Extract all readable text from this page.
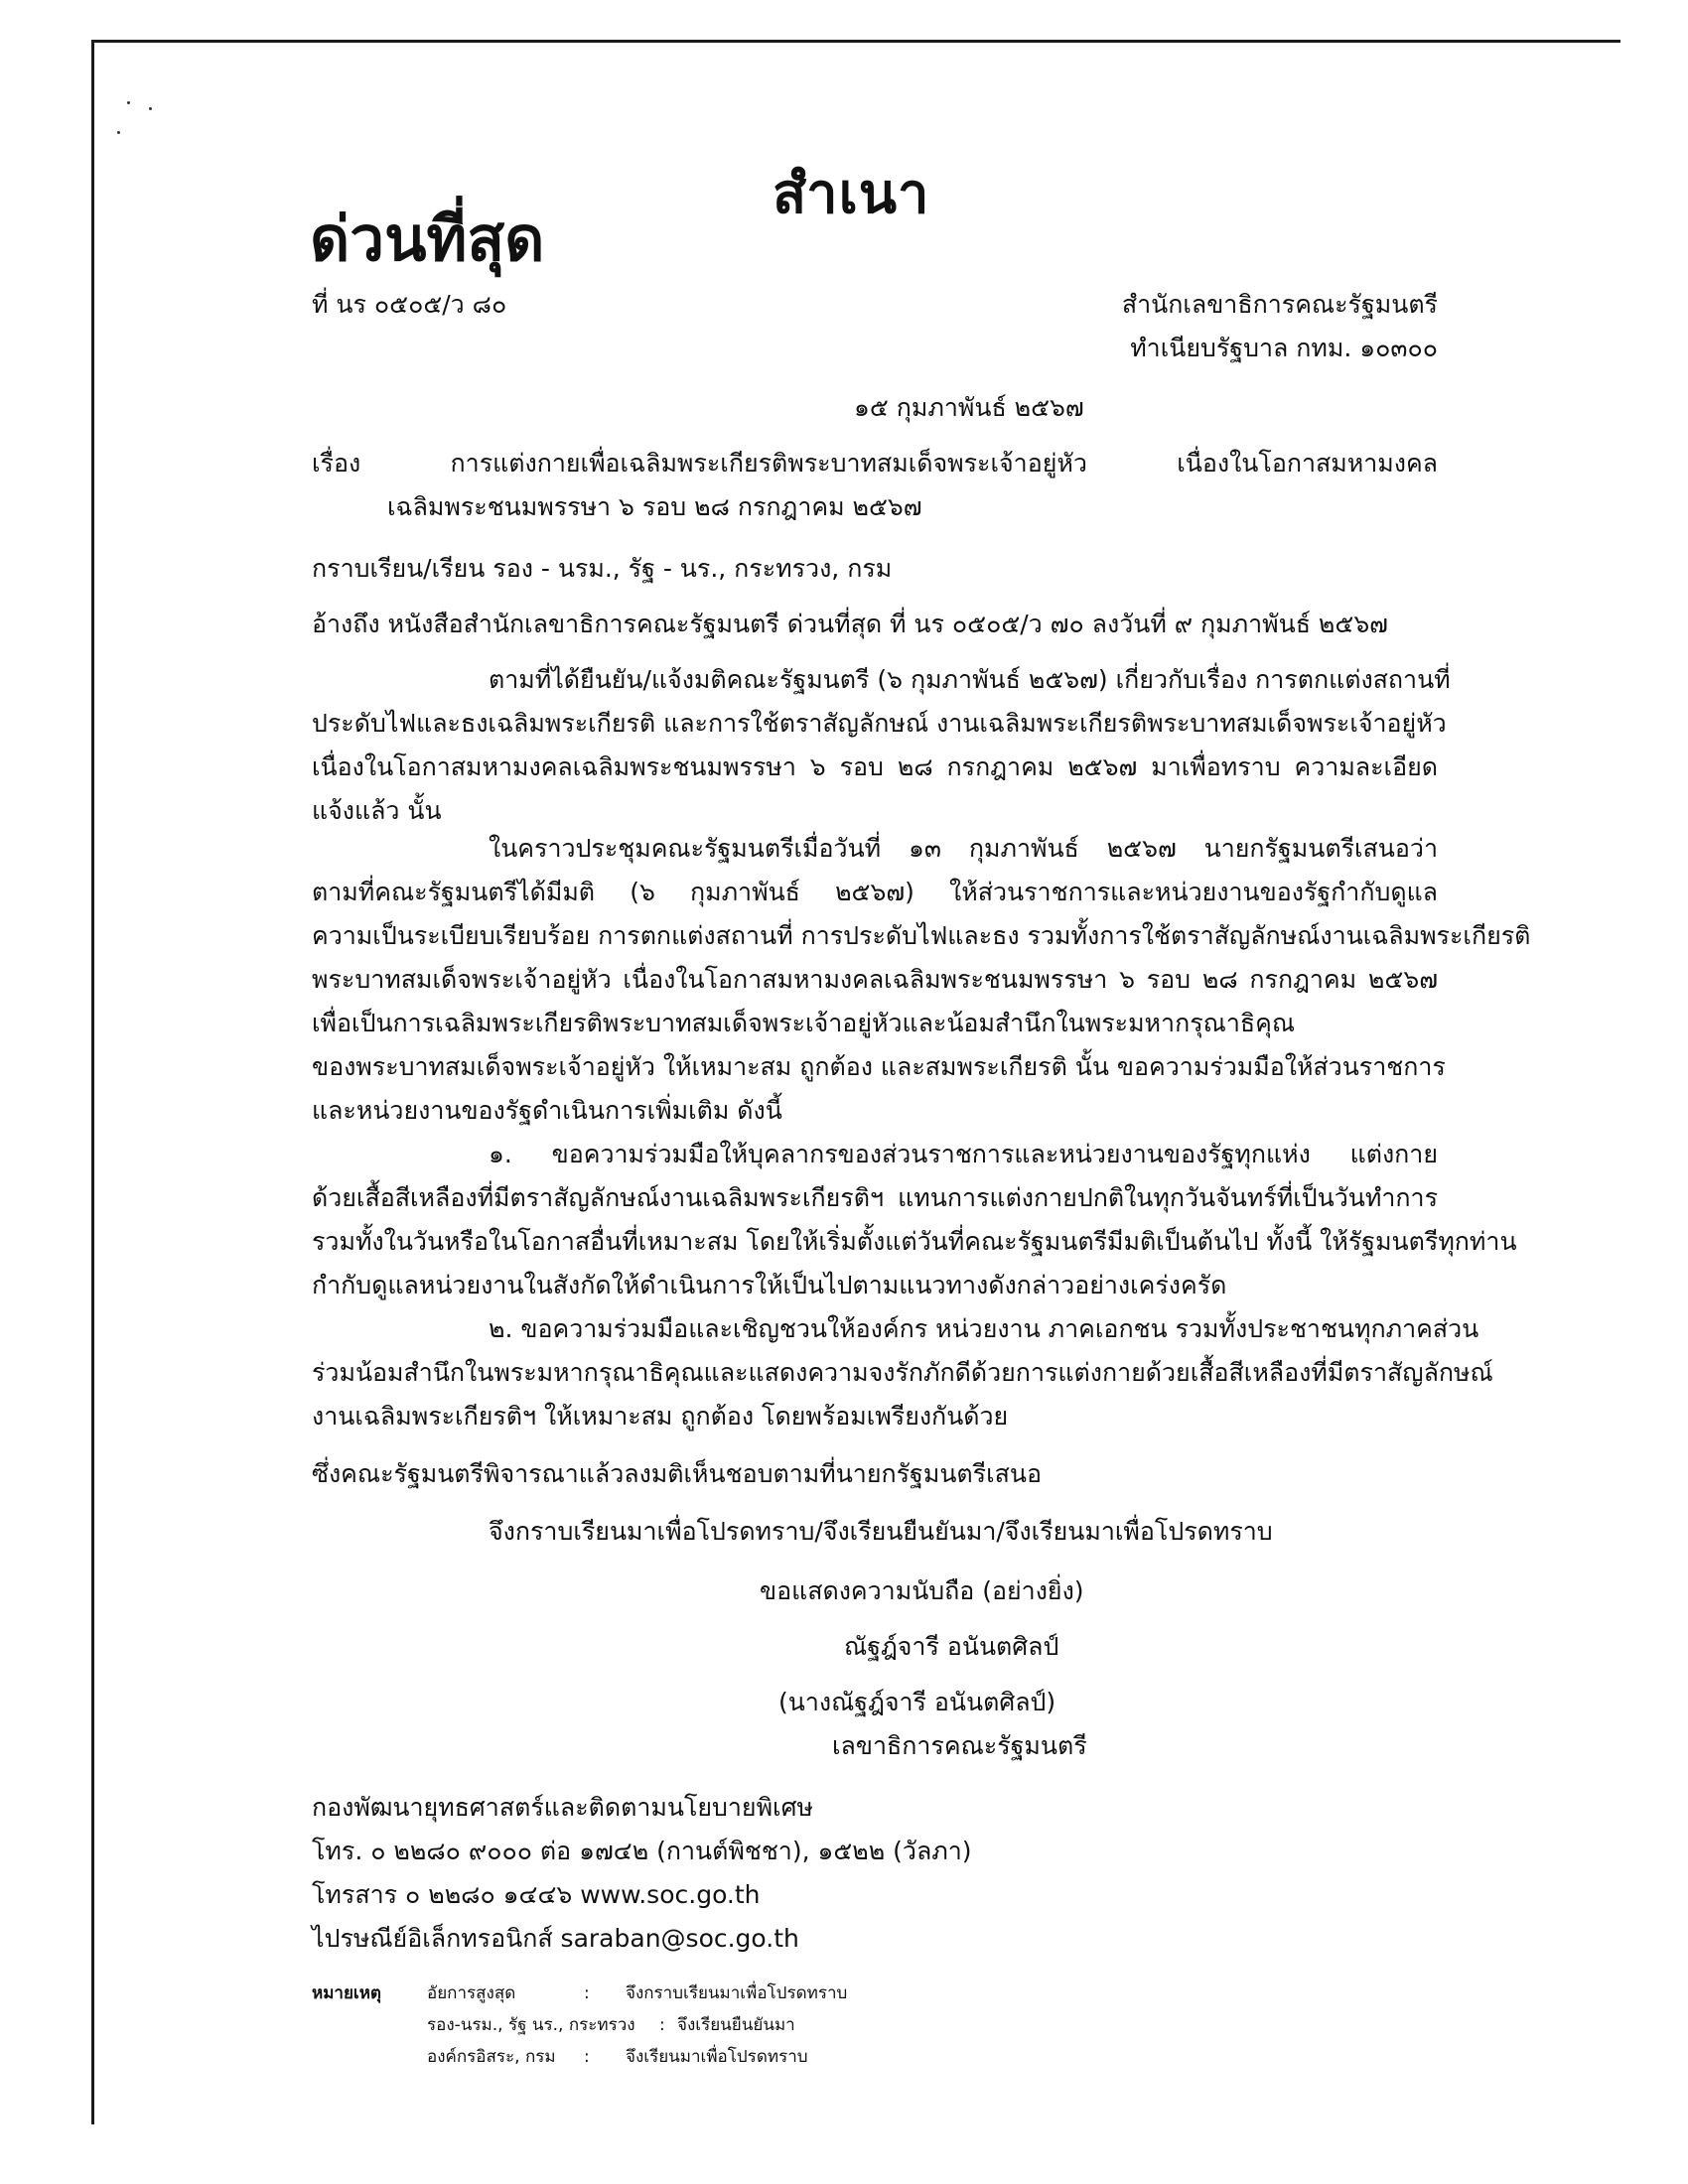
สำเนา
ด่วนที่สุด
ที่ นร ๐๕๐๕/ว ๘๐	สำนักเลขาธิการคณะรัฐมนตรี
ทำเนียบรัฐบาล กทม. ๑๐๓๐๐
๑๕ กุมภาพันธ์ ๒๕๖๗
เรื่อง การแต่งกายเพื่อเฉลิมพระเกียรติพระบาทสมเด็จพระเจ้าอยู่หัว เนื่องในโอกาสมหามงคล
เฉลิมพระชนมพรรษา ๖ รอบ ๒๘ กรกฎาคม ๒๕๖๗
กราบเรียน/เรียน รอง - นรม., รัฐ - นร., กระทรวง, กรม
อ้างถึง หนังสือสำนักเลขาธิการคณะรัฐมนตรี ด่วนที่สุด ที่ นร ๐๕๐๕/ว ๗๐ ลงวันที่ ๙ กุมภาพันธ์ ๒๕๖๗
ตามที่ได้ยืนยัน/แจ้งมติคณะรัฐมนตรี (๖ กุมภาพันธ์ ๒๕๖๗) เกี่ยวกับเรื่อง การตกแต่งสถานที่
ประดับไฟและธงเฉลิมพระเกียรติ และการใช้ตราสัญลักษณ์ งานเฉลิมพระเกียรติพระบาทสมเด็จพระเจ้าอยู่หัว
เนื่องในโอกาสมหามงคลเฉลิมพระชนมพรรษา ๖ รอบ ๒๘ กรกฎาคม ๒๕๖๗ มาเพื่อทราบ ความละเอียด
แจ้งแล้ว นั้น
ในคราวประชุมคณะรัฐมนตรีเมื่อวันที่ ๑๓ กุมภาพันธ์ ๒๕๖๗ นายกรัฐมนตรีเสนอว่า
ตามที่คณะรัฐมนตรีได้มีมติ (๖ กุมภาพันธ์ ๒๕๖๗) ให้ส่วนราชการและหน่วยงานของรัฐกำกับดูแล
ความเป็นระเบียบเรียบร้อย การตกแต่งสถานที่ การประดับไฟและธง รวมทั้งการใช้ตราสัญลักษณ์งานเฉลิมพระเกียรติ
พระบาทสมเด็จพระเจ้าอยู่หัว เนื่องในโอกาสมหามงคลเฉลิมพระชนมพรรษา ๖ รอบ ๒๘ กรกฎาคม ๒๕๖๗
เพื่อเป็นการเฉลิมพระเกียรติพระบาทสมเด็จพระเจ้าอยู่หัวและน้อมสำนึกในพระมหากรุณาธิคุณ
ของพระบาทสมเด็จพระเจ้าอยู่หัว ให้เหมาะสม ถูกต้อง และสมพระเกียรติ นั้น ขอความร่วมมือให้ส่วนราชการ
และหน่วยงานของรัฐดำเนินการเพิ่มเติม ดังนี้
๑. ขอความร่วมมือให้บุคลากรของส่วนราชการและหน่วยงานของรัฐทุกแห่ง แต่งกาย
ด้วยเสื้อสีเหลืองที่มีตราสัญลักษณ์งานเฉลิมพระเกียรติฯ แทนการแต่งกายปกติในทุกวันจันทร์ที่เป็นวันทำการ
รวมทั้งในวันหรือในโอกาสอื่นที่เหมาะสม โดยให้เริ่มตั้งแต่วันที่คณะรัฐมนตรีมีมติเป็นต้นไป ทั้งนี้ ให้รัฐมนตรีทุกท่าน
กำกับดูแลหน่วยงานในสังกัดให้ดำเนินการให้เป็นไปตามแนวทางดังกล่าวอย่างเคร่งครัด
๒. ขอความร่วมมือและเชิญชวนให้องค์กร หน่วยงาน ภาคเอกชน รวมทั้งประชาชนทุกภาคส่วน
ร่วมน้อมสำนึกในพระมหากรุณาธิคุณและแสดงความจงรักภักดีด้วยการแต่งกายด้วยเสื้อสีเหลืองที่มีตราสัญลักษณ์
งานเฉลิมพระเกียรติฯ ให้เหมาะสม ถูกต้อง โดยพร้อมเพรียงกันด้วย
ซึ่งคณะรัฐมนตรีพิจารณาแล้วลงมติเห็นชอบตามที่นายกรัฐมนตรีเสนอ
จึงกราบเรียนมาเพื่อโปรดทราบ/จึงเรียนยืนยันมา/จึงเรียนมาเพื่อโปรดทราบ
ขอแสดงความนับถือ (อย่างยิ่ง)
ณัฐฎ์จารี อนันตศิลป์
(นางณัฐฎ์จารี อนันตศิลป์)
เลขาธิการคณะรัฐมนตรี
กองพัฒนายุทธศาสตร์และติดตามนโยบายพิเศษ
โทร. ๐ ๒๒๘๐ ๙๐๐๐ ต่อ ๑๗๔๒ (กานต์พิชชา), ๑๕๒๒ (วัลภา)
โทรสาร ๐ ๒๒๘๐ ๑๔๔๖ www.soc.go.th
ไปรษณีย์อิเล็กทรอนิกส์ saraban@soc.go.th
หมายเหตุ	อัยการสูงสุด	: จึงกราบเรียนมาเพื่อโปรดทราบ
รอง-นรม., รัฐ นร., กระทรวง : จึงเรียนยืนยันมา
องค์กรอิสระ, กรม : จึงเรียนมาเพื่อโปรดทราบ
